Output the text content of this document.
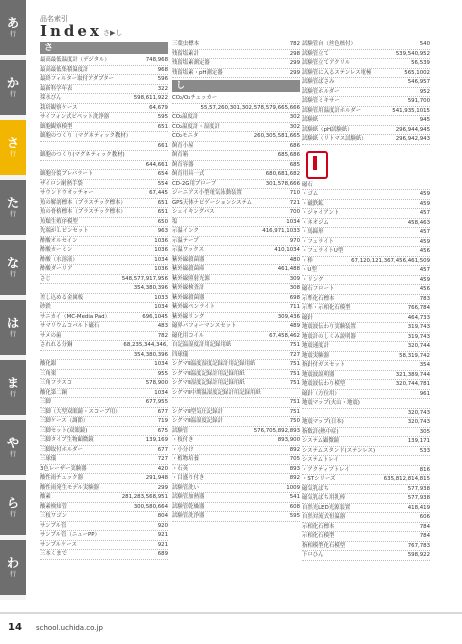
あ
行
か
行
さ
行
た
行
な
行
は
行
ま
行
や
行
ら
行
わ
行
品名索引
Index さ▶し
さ
最高最低温度計（デジタル）	748,968
最高最低集積温度計	968
最終フィルター取付アダプター	596
最新科学年表	322
採水びん	598,611,922
栽培観察ケース	64,679
サイフォン式ピペット洗浄器	595
細胞観察模型	651
細胞のつくり（マグネティック教材）
661
細胞のつくり(マグネティック教材)
644,661
細胞分裂プレパラート	654
ザイロン耐熱手袋	554
サウンドウオッチャー	67,445
魚の解剖標本（プラスチック標本）	651
魚の骨格標本（プラスチック標本）	651
魚類生殖序模型	650
先端がＬピンセット	963
酢酸オルセイン	1036
酢酸カーミン	1036
酢酸（水溶液）	1034
酢酸ダーリア	1036
さじ	548,577,917,956
354,380,396
差し込める金属板	1033
砂鉄	1034
サニカイ（MC-Media Pad）	696,1045
サマリウムコバルト磁石	483
サメの歯	782
されれる分銅	68,235,344,346,
354,380,396
酸化銀	1034
三角架	955
三角フラスコ	578,900
酸化第二銅	1034
三脚	677,955
三脚（大型双眼鏡・スコープ用）	677
三脚ケース（調節）	719
三脚セット(双眼鏡)	675
三脚タイプ生物顕微鏡	139,169
三脚取付ホルダー	677
三球儀	727
3色レーザー実験器	420
酸性雨チェック器	291,948
酸性雨発生モデル実験器	299
酸素	281,283,568,951
酸素検知管	300,580,664
三枝ワゴン	804
サンプル管	920
サンプル管（ニューPP）	921
サンプルケース	921
三本くまで	689
三葉虫標本	782
残留塩素計	298
残留塩素測定器	299
残留塩素・pH測定器	299
し
CO₂/O₂チェッカー
55,57,260,301,302,578,579,665,666
CO₂温度計	302
CO₂温度計・湿度計	302
CO₂モニタ	260,305,581,665
飼育小屋	686
飼育箱	685,686
飼育容器	685
飼育用具一式	680,681,682
CD-2G用プローブ	301,578,666
ジーニアス小型電気泳動装置	710
GPS天体ナビゲーションシステム	721
シェイキングバス	700
塩	1034
示温インク	416,971,1033
示温テープ	970
示温ワックス	410,1034
紫外線殺菌器	480
紫外線殺菌庫	461,488
紫外線照射光源	309
紫外線検査計	308
紫外線殺菌器	698
紫外線ペンライト	711
紫外線リング	309,436
磁界パフォーマンスセット	489
磁化用コイル	67,458,462
自記温湿度計用記録用紙	751
四球儀	727
シグマⅡ温度湿度記録計用記録用紙	751
シグマⅡ温度記録計用記録用紙	751
シグマⅡ湿度記録計用記録用紙	751
シグマⅡ中期温湿度記録計用記録用紙
751
シグマⅡ型気圧記録計	751
シグマⅡ温湿度記録計	750
試験管	576,705,892,893
・枝付き	893,900
・小分け	892
・植物培養	705
・石英	893
・目盛り付き	892
試験管洗い	1009
試験管加熱器	541
試験管乾燥器	608
試験管洗浄器	595
試験管台（丝色核付）	540
試験管立て	539,540,952
試験管立てアクリル	56,539
試験管に入るステンレス電極	565,1002
試験管ばさみ	546,957
試験管ホルダー	952
試験管ミキサー	591,700
試験管用温度計ホルダー	541,935,1015
試験紙	945
試験紙（pH試験紙）	296,944,945
試験紙（リトマス試験紙）	296,942,943
磁石
・ゴム	459
・磁鉄鉱	459
・ジャイアント	457
・ネオジム	458,463
・馬蹄形	457
・フェライト	459
・フェライトU型	456
・棒	67,120,121,367,456,461,509
・U型	457
・リング	459
磁石フロート	456
示準化石標本	783
示準・示相化石模型	766,784
磁針	464,733
地震波伝わり実験装置	319,743
地震計のしくみ説明器	319,743
地震速度計	320,744
地震実験器	58,319,742
指針付ガスセット	354
地震波説明器	321,389,744
地震波伝わり模型	320,744,781
磁針（方位用）	961
地震マップ(火山・地震)
320,743
地震マップ(日本)	320,743
指数計(熱中症)	305
システム顕微鏡	139,171
システムスタンド(ステンレス)	533
システムトレイ
・アクティブトレイ	816
・STシリーズ	635,812,814,815
磁気乳ばち	577,938
磁気乳ばち用乳棒	577,938
自然光LED光源装置	418,419
自然対流式恒温器	606
示相化石標本	784
示相化石模型	784
指相模型化石模型	767,783
下ロひん	598,922
14 school.uchida.co.jp
